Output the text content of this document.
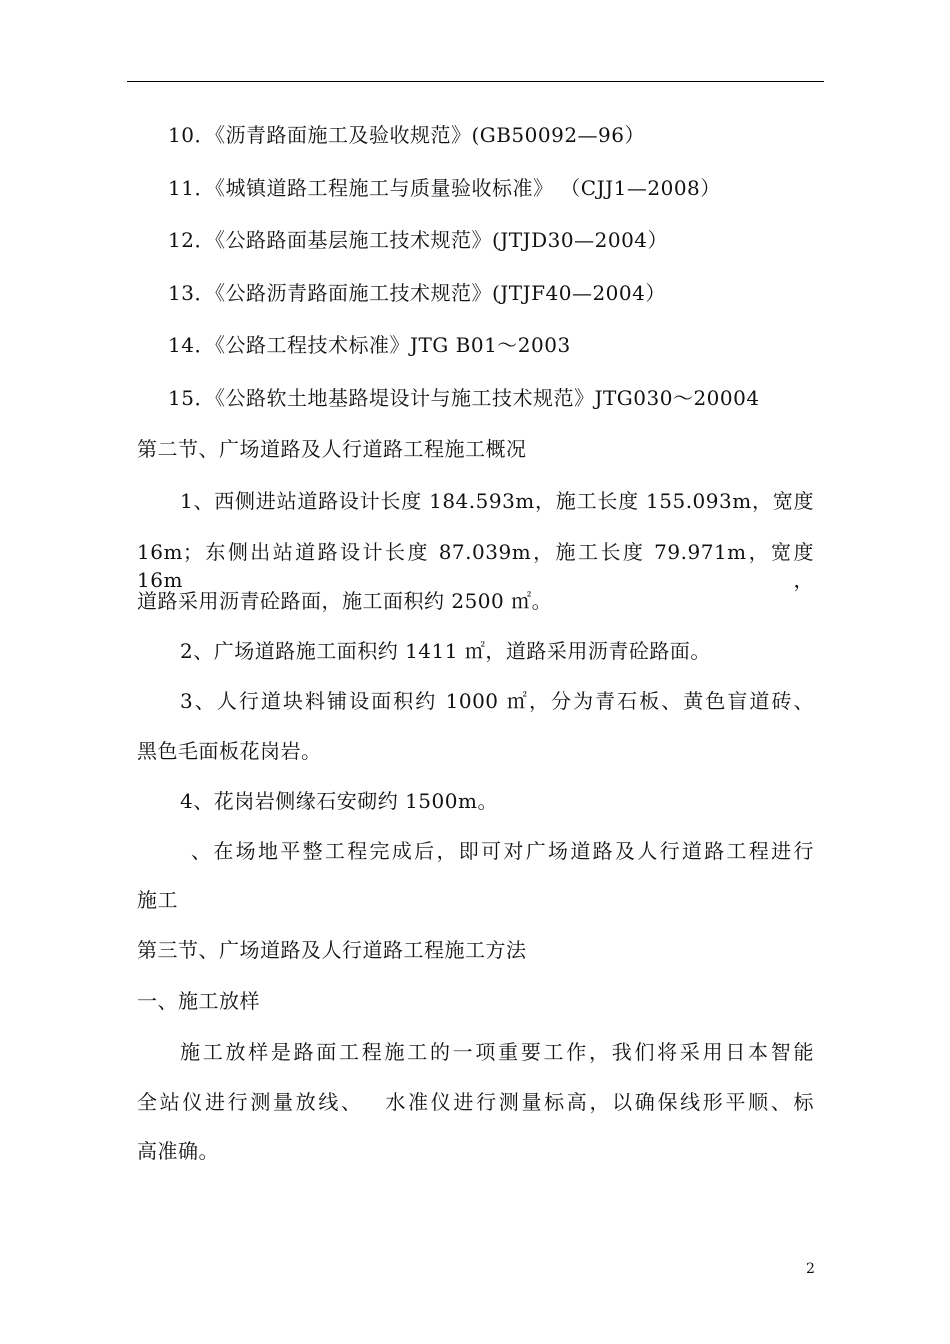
10．《沥青路面施工及验收规范》(GB50092—96）
11．《城镇道路工程施工与质量验收标准》 （CJJ1—2008）
12．《公路路面基层施工技术规范》(JTJD30—2004）
13．《公路沥青路面施工技术规范》(JTJF40—2004）
14．《公路工程技术标准》JTG B01～2003
15．《公路软土地基路堤设计与施工技术规范》JTG030～20004
第二节、广场道路及人行道路工程施工概况
1、西侧进站道路设计长度 184.593m，施工长度 155.093m，宽度
16m；东侧出站道路设计长度 87.039m，施工长度 79.971m，宽度 16m，
道路采用沥青砼路面，施工面积约 2500 ㎡。
2、广场道路施工面积约 1411 ㎡，道路采用沥青砼路面。
3、人行道块料铺设面积约 1000 ㎡，分为青石板、黄色盲道砖、
黑色毛面板花岗岩。
4、花岗岩侧缘石安砌约 1500m。
、在场地平整工程完成后，即可对广场道路及人行道路工程进行
施工
第三节、广场道路及人行道路工程施工方法
一、施工放样
施工放样是路面工程施工的一项重要工作，我们将采用日本智能
全站仪进行测量放线、　 水准仪进行测量标高，以确保线形平顺、标
高准确。
2
